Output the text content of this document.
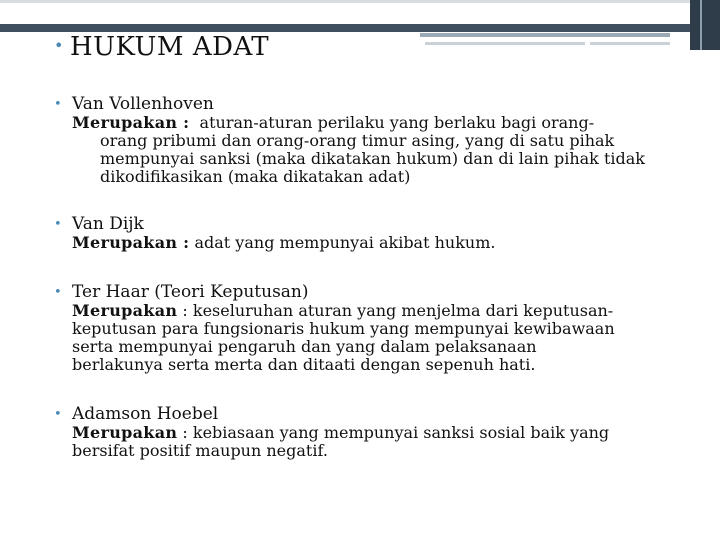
• HUKUM ADAT
• Van Vollenhoven
Merupakan : aturan-aturan perilaku yang berlaku bagi orang-
orang pribumi dan orang-orang timur asing, yang di satu pihak
mempunyai sanksi (maka dikatakan hukum) dan di lain pihak tidak
dikodifikasikan (maka dikatakan adat)
• Van Dijk
Merupakan : adat yang mempunyai akibat hukum.
• Ter Haar (Teori Keputusan)
Merupakan : keseluruhan aturan yang menjelma dari keputusan-
keputusan para fungsionaris hukum yang mempunyai kewibawaan
serta mempunyai pengaruh dan yang dalam pelaksanaan
berlakunya serta merta dan ditaati dengan sepenuh hati.
• Adamson Hoebel
Merupakan : kebiasaan yang mempunyai sanksi sosial baik yang
bersifat positif maupun negatif.
